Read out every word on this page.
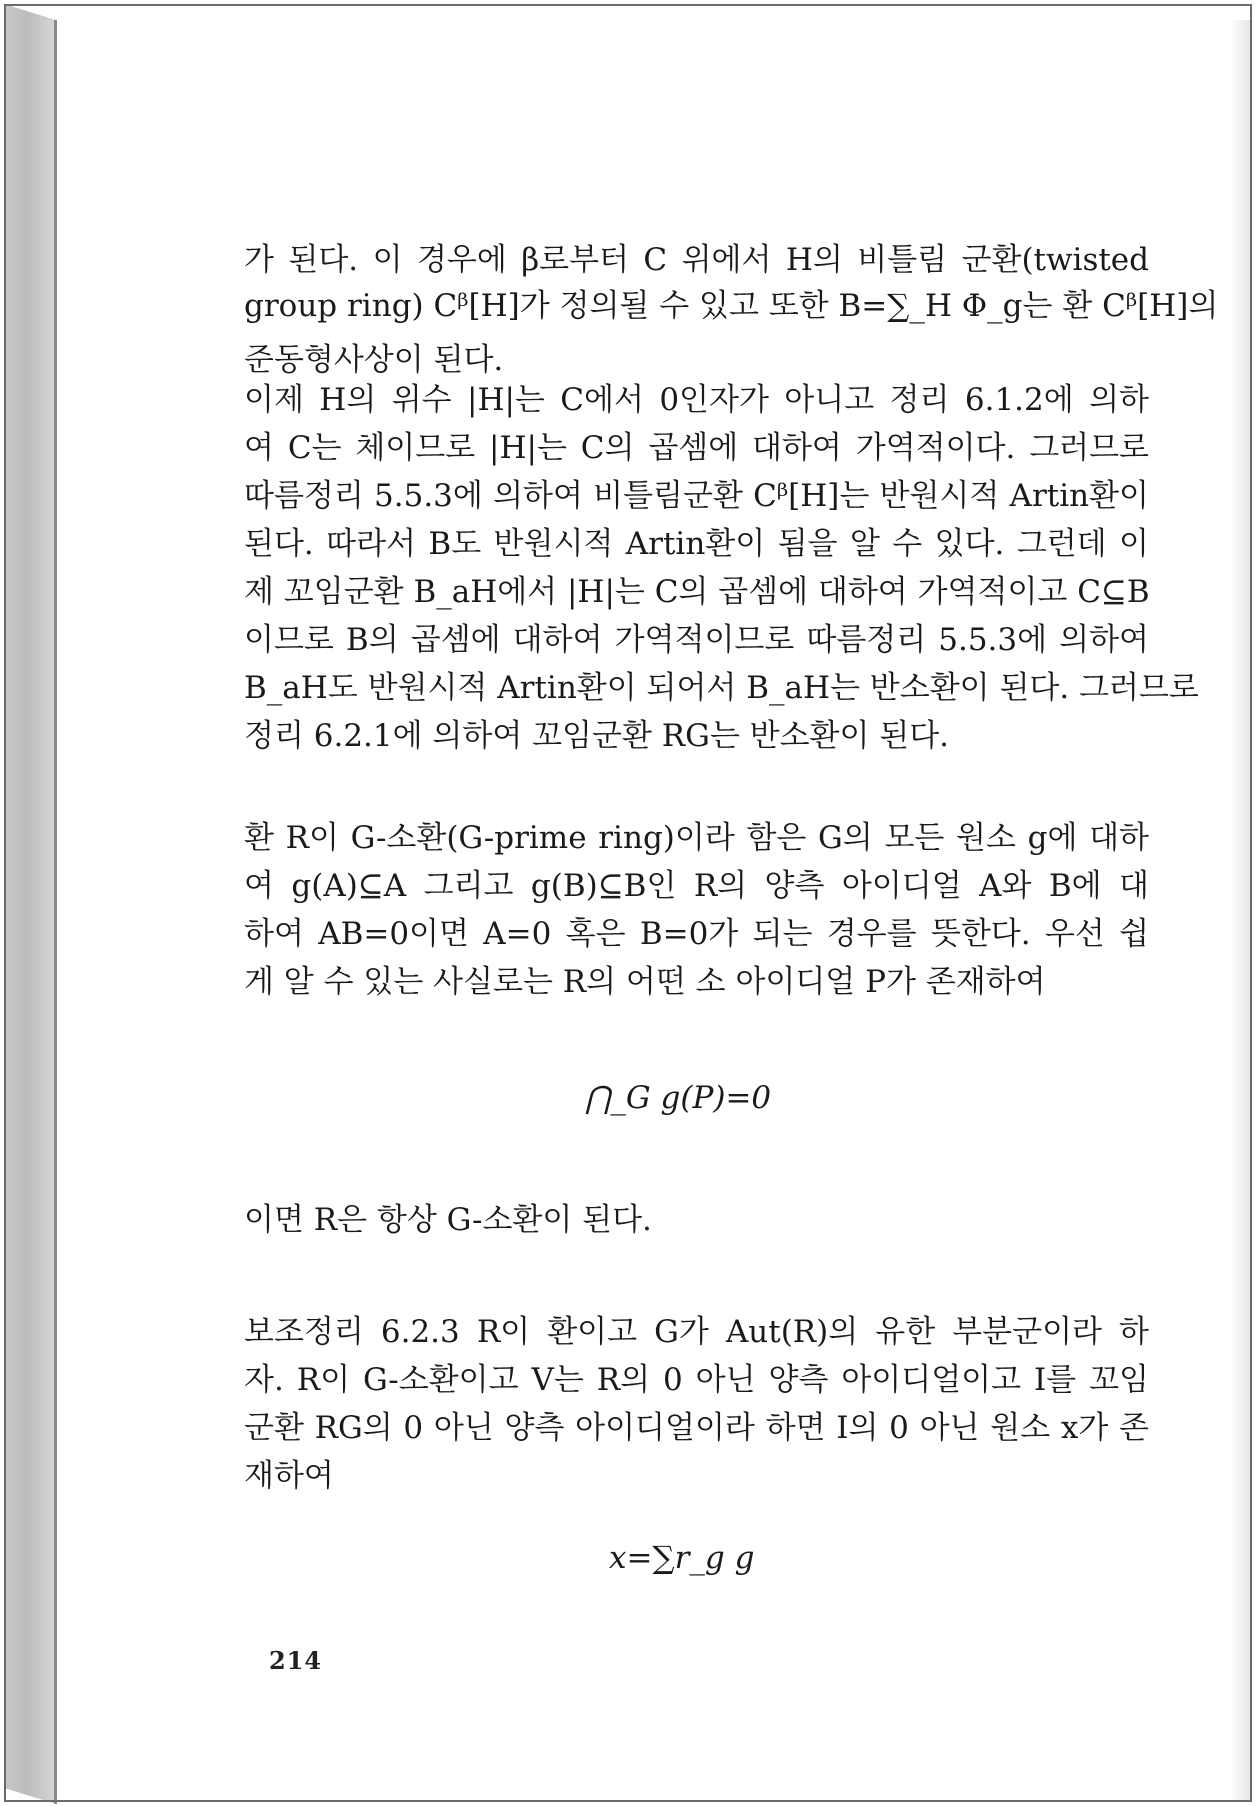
가 된다. 이 경우에 β로부터 C 위에서 H의 비틀림 군환(twisted
group ring) Cᵝ[H]가 정의될 수 있고 또한 B=∑_H Φ_g는 환 Cᵝ[H]의
준동형사상이 된다.
이제 H의 위수 |H|는 C에서 0인자가 아니고 정리 6.1.2에 의하
여 C는 체이므로 |H|는 C의 곱셈에 대하여 가역적이다. 그러므로
따름정리 5.5.3에 의하여 비틀림군환 Cᵝ[H]는 반원시적 Artin환이
된다. 따라서 B도 반원시적 Artin환이 됨을 알 수 있다. 그런데 이
제 꼬임군환 B_aH에서 |H|는 C의 곱셈에 대하여 가역적이고 C⊆B
이므로 B의 곱셈에 대하여 가역적이므로 따름정리 5.5.3에 의하여
B_aH도 반원시적 Artin환이 되어서 B_aH는 반소환이 된다. 그러므로
정리 6.2.1에 의하여 꼬임군환 RG는 반소환이 된다.
환 R이 G-소환(G-prime ring)이라 함은 G의 모든 원소 g에 대하
여 g(A)⊆A 그리고 g(B)⊆B인 R의 양측 아이디얼 A와 B에 대
하여 AB=0이면 A=0 혹은 B=0가 되는 경우를 뜻한다. 우선 쉽
게 알 수 있는 사실로는 R의 어떤 소 아이디얼 P가 존재하여
⋂_G g(P)=0
이면 R은 항상 G-소환이 된다.
보조정리 6.2.3 R이 환이고 G가 Aut(R)의 유한 부분군이라 하
자. R이 G-소환이고 V는 R의 0 아닌 양측 아이디얼이고 I를 꼬임
군환 RG의 0 아닌 양측 아이디얼이라 하면 I의 0 아닌 원소 x가 존
재하여
x=∑r_g g
214
